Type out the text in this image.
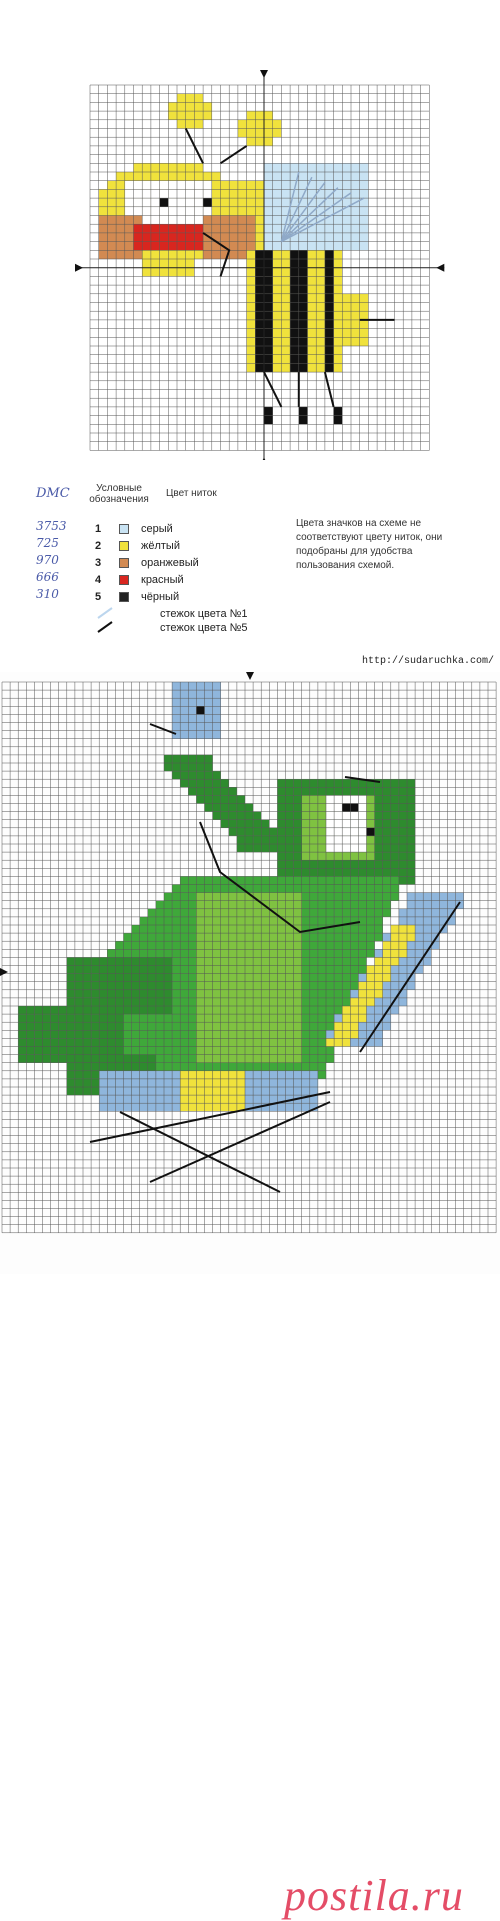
DMC	Условные обозначения
Цвет ниток
3753	1	серый
725	2	жёлтый
970	3	оранжевый
666	4	красный
310	5	чёрный
стежок цвета №1
стежок цвета №5
Цвета значков на схеме не соответствуют цвету ниток, они подобраны для удобства пользования схемой.
http://sudaruchka.com/
postila.ru
